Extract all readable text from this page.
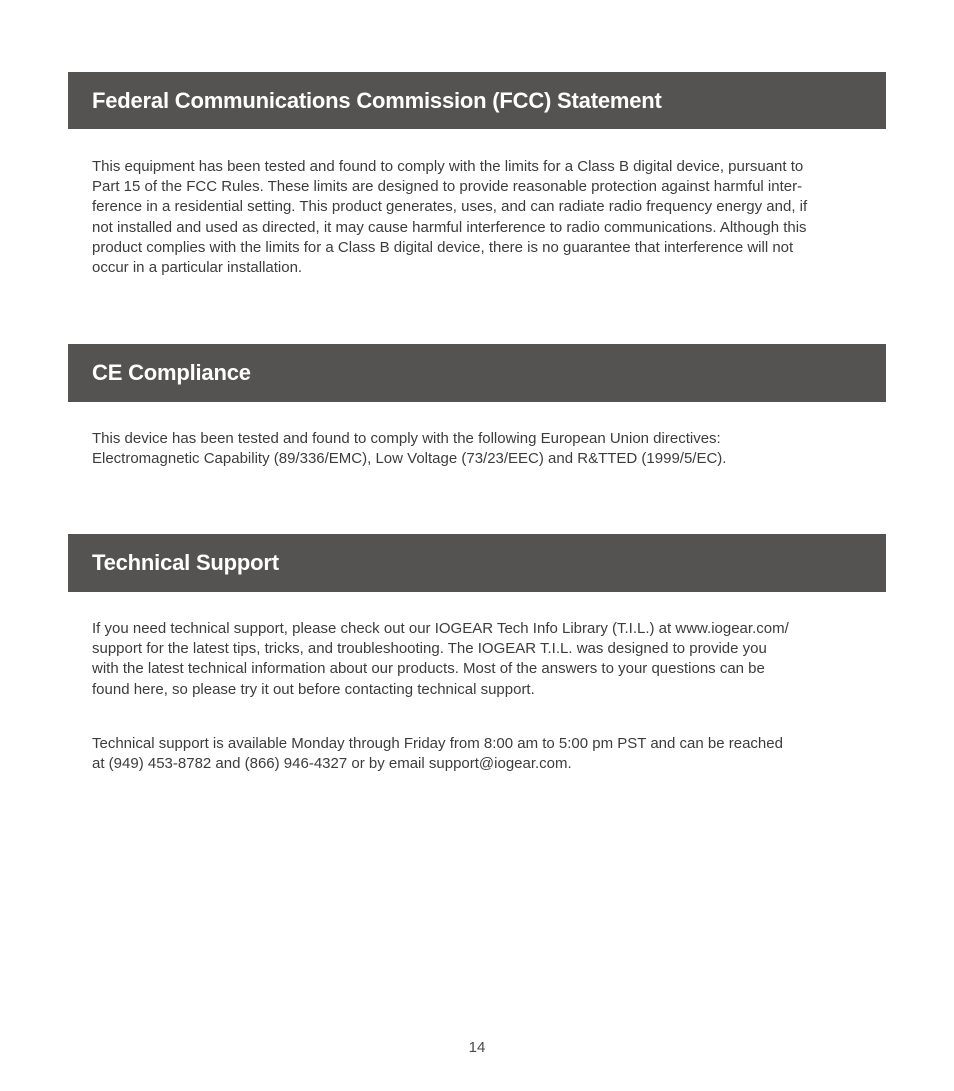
Federal Communications Commission (FCC) Statement

This equipment has been tested and found to comply with the limits for a Class B digital device, pursuant to
Part 15 of the FCC Rules. These limits are designed to provide reasonable protection against harmful inter-
ference in a residential setting. This product generates, uses, and can radiate radio frequency energy and, if
not installed and used as directed, it may cause harmful interference to radio communications. Although this
product complies with the limits for a Class B digital device, there is no guarantee that interference will not
occur in a particular installation.

CE Compliance

This device has been tested and found to comply with the following European Union directives:
Electromagnetic Capability (89/336/EMC), Low Voltage (73/23/EEC) and R&TTED (1999/5/EC).

Technical Support

If you need technical support, please check out our IOGEAR Tech Info Library (T.I.L.) at www.iogear.com/
support for the latest tips, tricks, and troubleshooting. The IOGEAR T.I.L. was designed to provide you
with the latest technical information about our products. Most of the answers to your questions can be
found here, so please try it out before contacting technical support.

Technical support is available Monday through Friday from 8:00 am to 5:00 pm PST and can be reached
at (949) 453-8782 and (866) 946-4327 or by email support@iogear.com.

14
